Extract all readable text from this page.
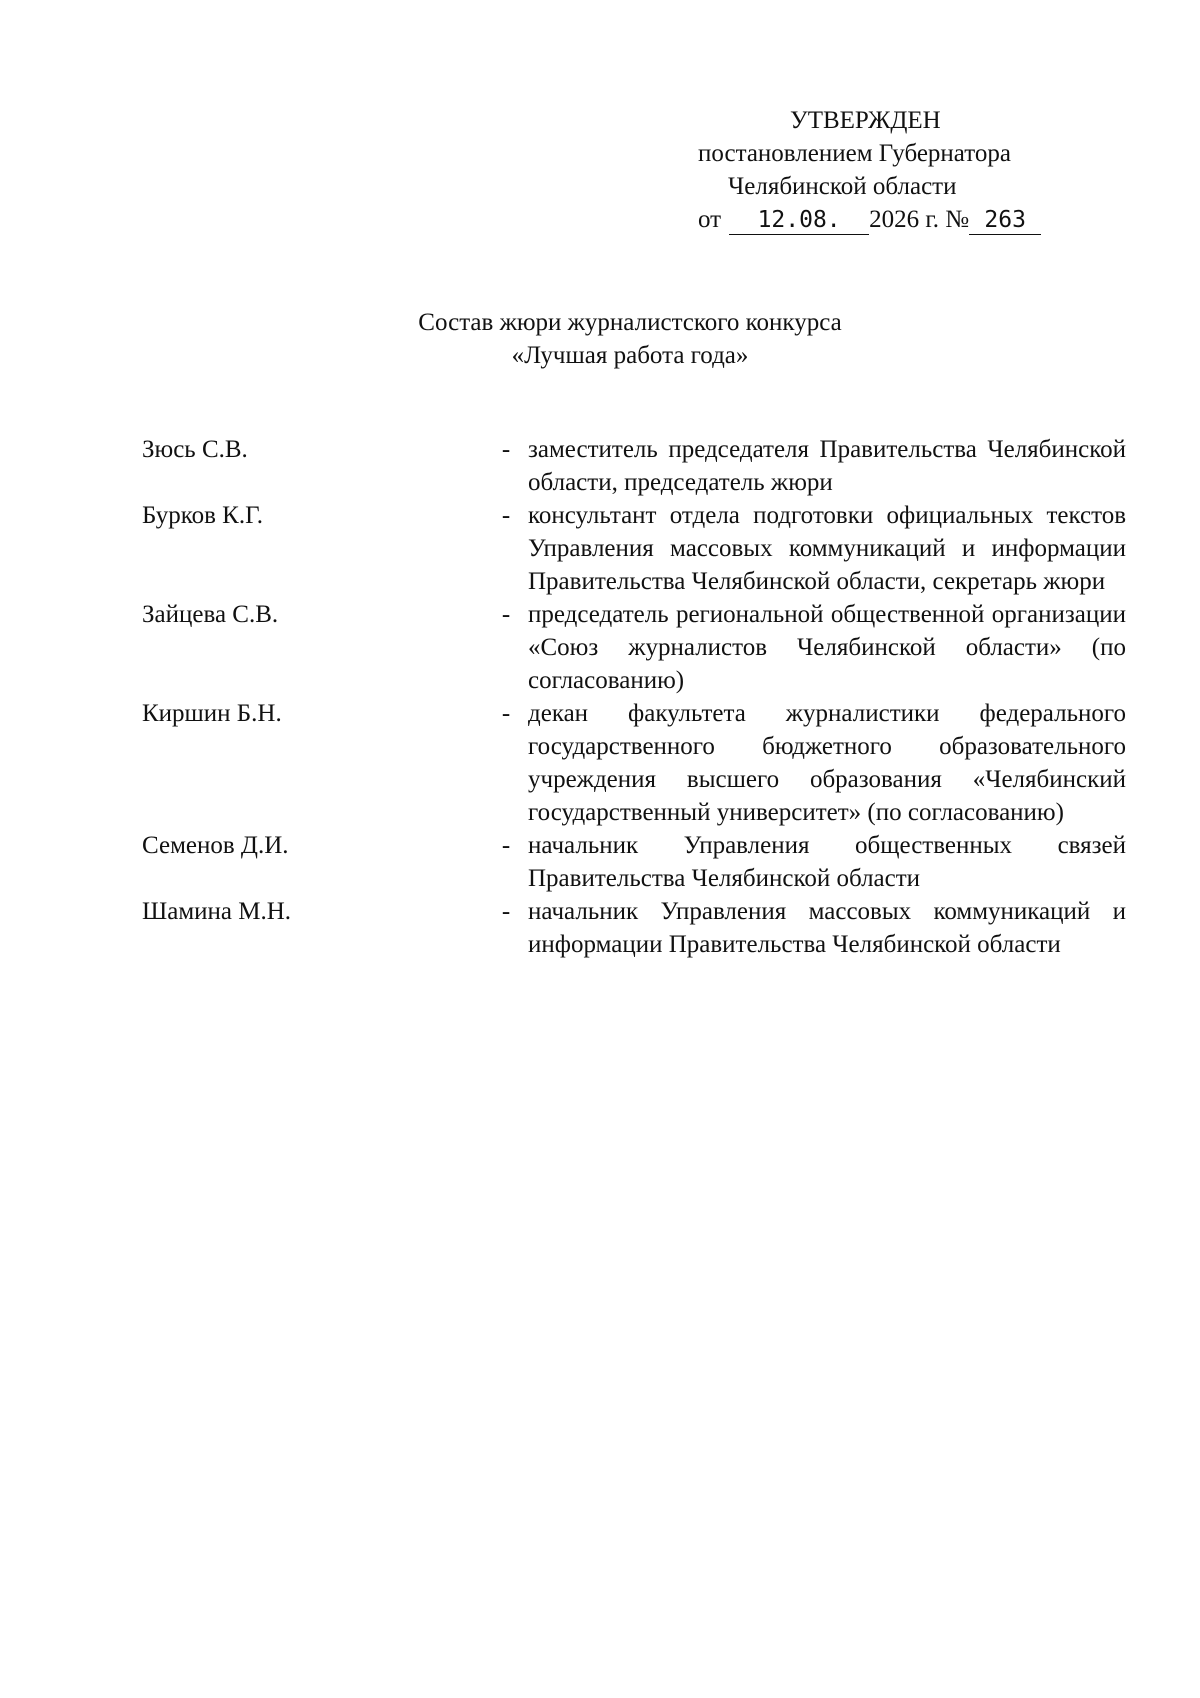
УТВЕРЖДЕН
постановлением Губернатора
Челябинской области
от 12.08. 2026 г. № 263
Состав жюри журналистского конкурса
«Лучшая работа года»
Зюсь С.В.	- заместитель председателя Правительства Челябинской области, председатель жюри
Бурков К.Г.	- консультант отдела подготовки официальных текстов Управления массовых коммуникаций и информации Правительства Челябинской области, секретарь жюри
Зайцева С.В.	- председатель региональной общественной организации «Союз журналистов Челябинской области» (по согласованию)
Киршин Б.Н.	- декан факультета журналистики федерального государственного бюджетного образовательного учреждения высшего образования «Челябинский государственный университет» (по согласованию)
Семенов Д.И.	- начальник Управления общественных связей Правительства Челябинской области
Шамина М.Н.	- начальник Управления массовых коммуникаций и информации Правительства Челябинской области
